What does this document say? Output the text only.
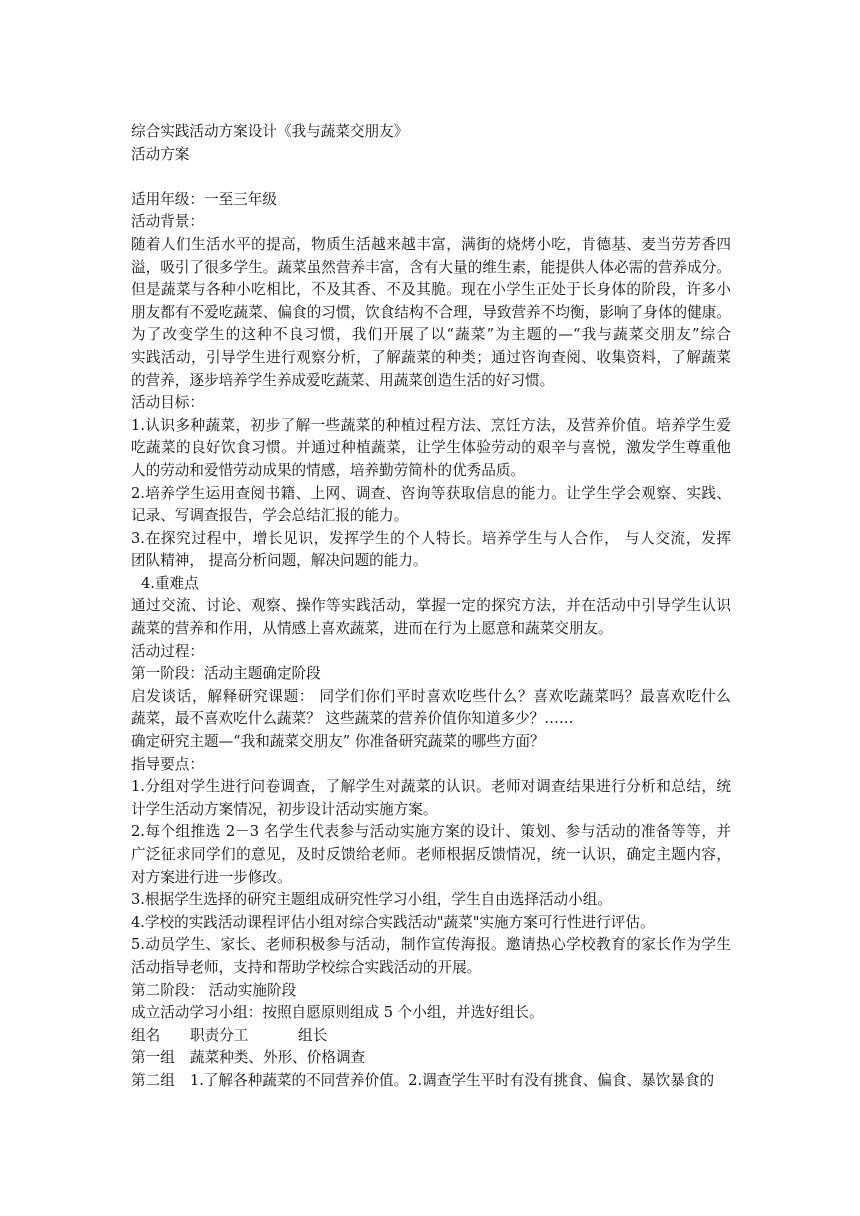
综合实践活动方案设计《我与蔬菜交朋友》
活动方案
适用年级：一至三年级
活动背景：
随着人们生活水平的提高，物质生活越来越丰富，满街的烧烤小吃，肯德基、麦当劳芳香四
溢，吸引了很多学生。蔬菜虽然营养丰富，含有大量的维生素，能提供人体必需的营养成分。
但是蔬菜与各种小吃相比，不及其香、不及其脆。现在小学生正处于长身体的阶段，许多小
朋友都有不爱吃蔬菜、偏食的习惯，饮食结构不合理，导致营养不均衡，影响了身体的健康。
为了改变学生的这种不良习惯，我们开展了以“蔬菜”为主题的—“我与蔬菜交朋友”综合
实践活动，引导学生进行观察分析，了解蔬菜的种类；通过咨询查阅、收集资料，了解蔬菜
的营养，逐步培养学生养成爱吃蔬菜、用蔬菜创造生活的好习惯。
活动目标：
1.认识多种蔬菜，初步了解一些蔬菜的种植过程方法、烹饪方法，及营养价值。培养学生爱
吃蔬菜的良好饮食习惯。并通过种植蔬菜，让学生体验劳动的艰辛与喜悦，激发学生尊重他
人的劳动和爱惜劳动成果的情感，培养勤劳简朴的优秀品质。
2.培养学生运用查阅书籍、上网、调查、咨询等获取信息的能力。让学生学会观察、实践、
记录、写调查报告，学会总结汇报的能力。
3.在探究过程中，增长见识，发挥学生的个人特长。培养学生与人合作， 与人交流，发挥
团队精神， 提高分析问题，解决问题的能力。
4.重难点
通过交流、讨论、观察、操作等实践活动，掌握一定的探究方法，并在活动中引导学生认识
蔬菜的营养和作用，从情感上喜欢蔬菜，进而在行为上愿意和蔬菜交朋友。
活动过程：
第一阶段：活动主题确定阶段
启发谈话，解释研究课题： 同学们你们平时喜欢吃些什么？喜欢吃蔬菜吗？最喜欢吃什么
蔬菜，最不喜欢吃什么蔬菜？ 这些蔬菜的营养价值你知道多少？……
确定研究主题—“我和蔬菜交朋友” 你准备研究蔬菜的哪些方面？
指导要点：
1.分组对学生进行问卷调查，了解学生对蔬菜的认识。老师对调查结果进行分析和总结，统
计学生活动方案情况，初步设计活动实施方案。
2.每个组推选 2－3 名学生代表参与活动实施方案的设计、策划、参与活动的准备等等，并
广泛征求同学们的意见，及时反馈给老师。老师根据反馈情况，统一认识，确定主题内容，
对方案进行进一步修改。
3.根据学生选择的研究主题组成研究性学习小组，学生自由选择活动小组。
4.学校的实践活动课程评估小组对综合实践活动"蔬菜"实施方案可行性进行评估。
5.动员学生、家长、老师积极参与活动，制作宣传海报。邀请热心学校教育的家长作为学生
活动指导老师，支持和帮助学校综合实践活动的开展。
第二阶段： 活动实施阶段
成立活动学习小组：按照自愿原则组成 5 个小组，并选好组长。
组名	职责分工	组长
第一组	蔬菜种类、外形、价格调查
第二组	1.了解各种蔬菜的不同营养价值。2.调查学生平时有没有挑食、偏食、暴饮暴食的
